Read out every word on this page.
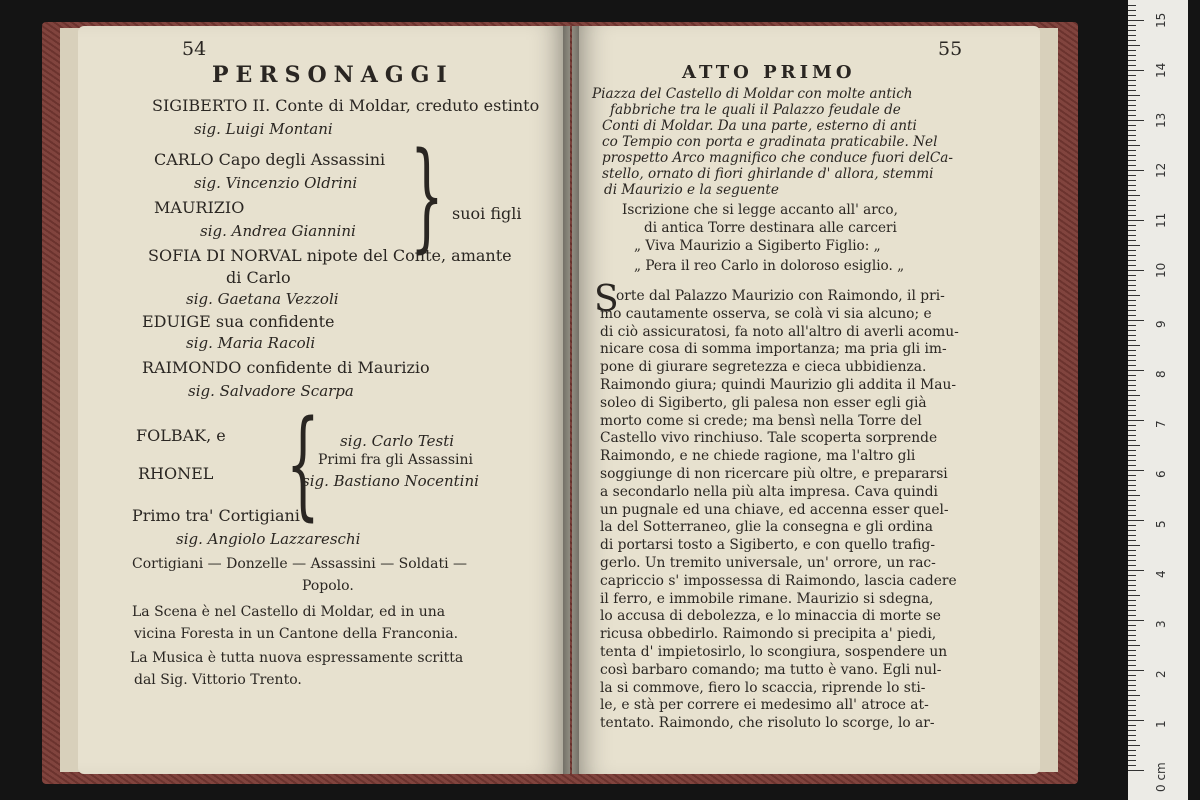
54
PERSONAGGI
SIGIBERTO II. Conte di Moldar, creduto estinto
sig. Luigi Montani
CARLO Capo degli Assassini
sig. Vincenzio Oldrini
MAURIZIO
sig. Andrea Giannini } suoi figli
SOFIA DI NORVAL nipote del Conte, amante
di Carlo
sig. Gaetana Vezzoli
EDUIGE sua confidente
sig. Maria Racoli
RAIMONDO confidente di Maurizio
sig. Salvadore Scarpa
FOLBAK, e
RHONEL { sig. Carlo Testi
Primi fra gli Assassini
sig. Bastiano Nocentini
Primo tra' Cortigiani
sig. Angiolo Lazzareschi
Cortigiani — Donzelle — Assassini — Soldati —
Popolo.
La Scena è nel Castello di Moldar, ed in una
vicina Foresta in un Cantone della Franconia.
La Musica è tutta nuova espressamente scritta
dal Sig. Vittorio Trento.
55
ATTO PRIMO
Piazza del Castello di Moldar con molte antich
fabbriche tra le quali il Palazzo feudale de
Conti di Moldar. Da una parte, esterno di anti
co Tempio con porta e gradinata praticabile. Nel
prospetto Arco magnifico che conduce fuori delCa-
stello, ornato di fiori ghirlande d' allora, stemmi
di Maurizio e la seguente
Iscrizione che si legge accanto all' arco,
di antica Torre destinara alle carceri
„ Viva Maurizio a Sigiberto Figlio: „
„ Pera il reo Carlo in doloroso esiglio. „
S
orte dal Palazzo Maurizio con Raimondo, il pri-
mo cautamente osserva, se colà vi sia alcuno; e
di ciò assicuratosi, fa noto all'altro di averli acomu-
nicare cosa di somma importanza; ma pria gli im-
pone di giurare segretezza e cieca ubbidienza.
Raimondo giura; quindi Maurizio gli addita il Mau-
soleo di Sigiberto, gli palesa non esser egli già
morto come si crede; ma bensì nella Torre del
Castello vivo rinchiuso. Tale scoperta sorprende
Raimondo, e ne chiede ragione, ma l'altro gli
soggiunge di non ricercare più oltre, e prepararsi
a secondarlo nella più alta impresa. Cava quindi
un pugnale ed una chiave, ed accenna esser quel-
la del Sotterraneo, glie la consegna e gli ordina
di portarsi tosto a Sigiberto, e con quello trafig-
gerlo. Un tremito universale, un' orrore, un rac-
capriccio s' impossessa di Raimondo, lascia cadere
il ferro, e immobile rimane. Maurizio si sdegna,
lo accusa di debolezza, e lo minaccia di morte se
ricusa obbedirlo. Raimondo si precipita a' piedi,
tenta d' impietosirlo, lo scongiura, sospendere un
così barbaro comando; ma tutto è vano. Egli nul-
la si commove, fiero lo scaccia, riprende lo sti-
le, e stà per correre ei medesimo all' atroce at-
tentato. Raimondo, che risoluto lo scorge, lo ar-
0 cm
1
2
3
4
5
6
7
8
9
10
11
12
13
14
15
